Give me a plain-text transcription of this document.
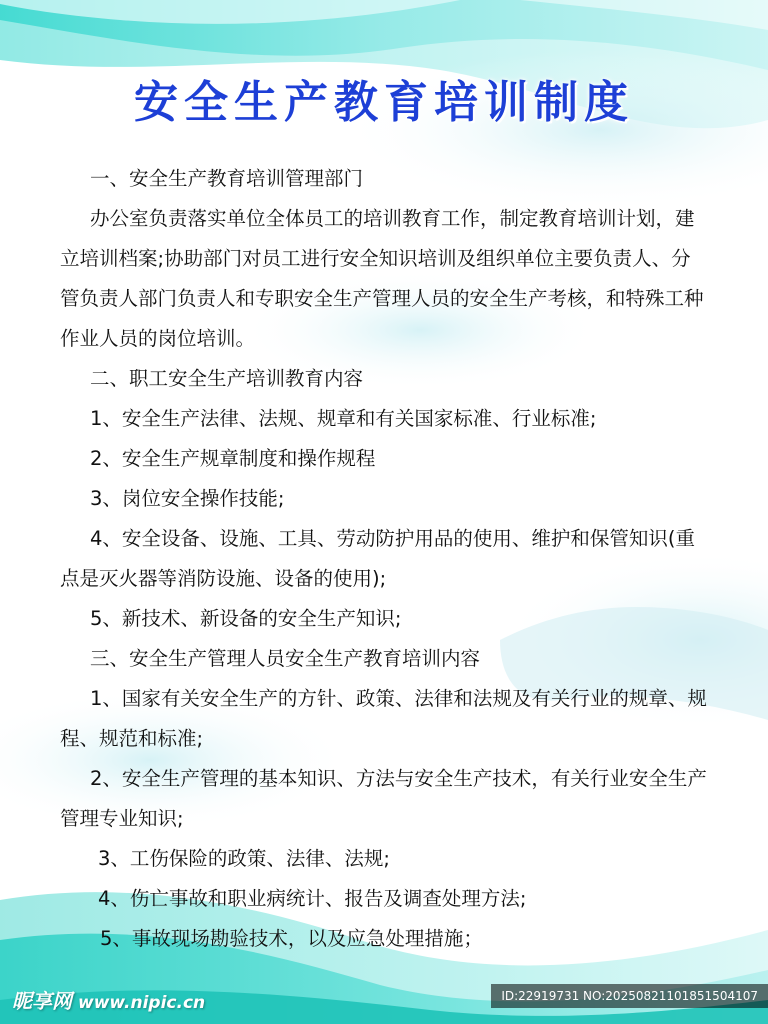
安全生产教育培训制度

一、安全生产教育培训管理部门

办公室负责落实单位全体员工的培训教育工作，制定教育培训计划，建立培训档案;协助部门对员工进行安全知识培训及组织单位主要负责人、分管负责人部门负责人和专职安全生产管理人员的安全生产考核，和特殊工种作业人员的岗位培训。

二、职工安全生产培训教育内容

1、安全生产法律、法规、规章和有关国家标准、行业标准;

2、安全生产规章制度和操作规程

3、岗位安全操作技能;

4、安全设备、设施、工具、劳动防护用品的使用、维护和保管知识(重点是灭火器等消防设施、设备的使用);

5、新技术、新设备的安全生产知识;

三、安全生产管理人员安全生产教育培训内容

1、国家有关安全生产的方针、政策、法律和法规及有关行业的规章、规程、规范和标准;

2、安全生产管理的基本知识、方法与安全生产技术，有关行业安全生产管理专业知识;

3、工伤保险的政策、法律、法规;

4、伤亡事故和职业病统计、报告及调查处理方法;

5、事故现场勘验技术，以及应急处理措施；

昵享网 www.nipic.cn	ID:22919731 NO:20250821101851504107
